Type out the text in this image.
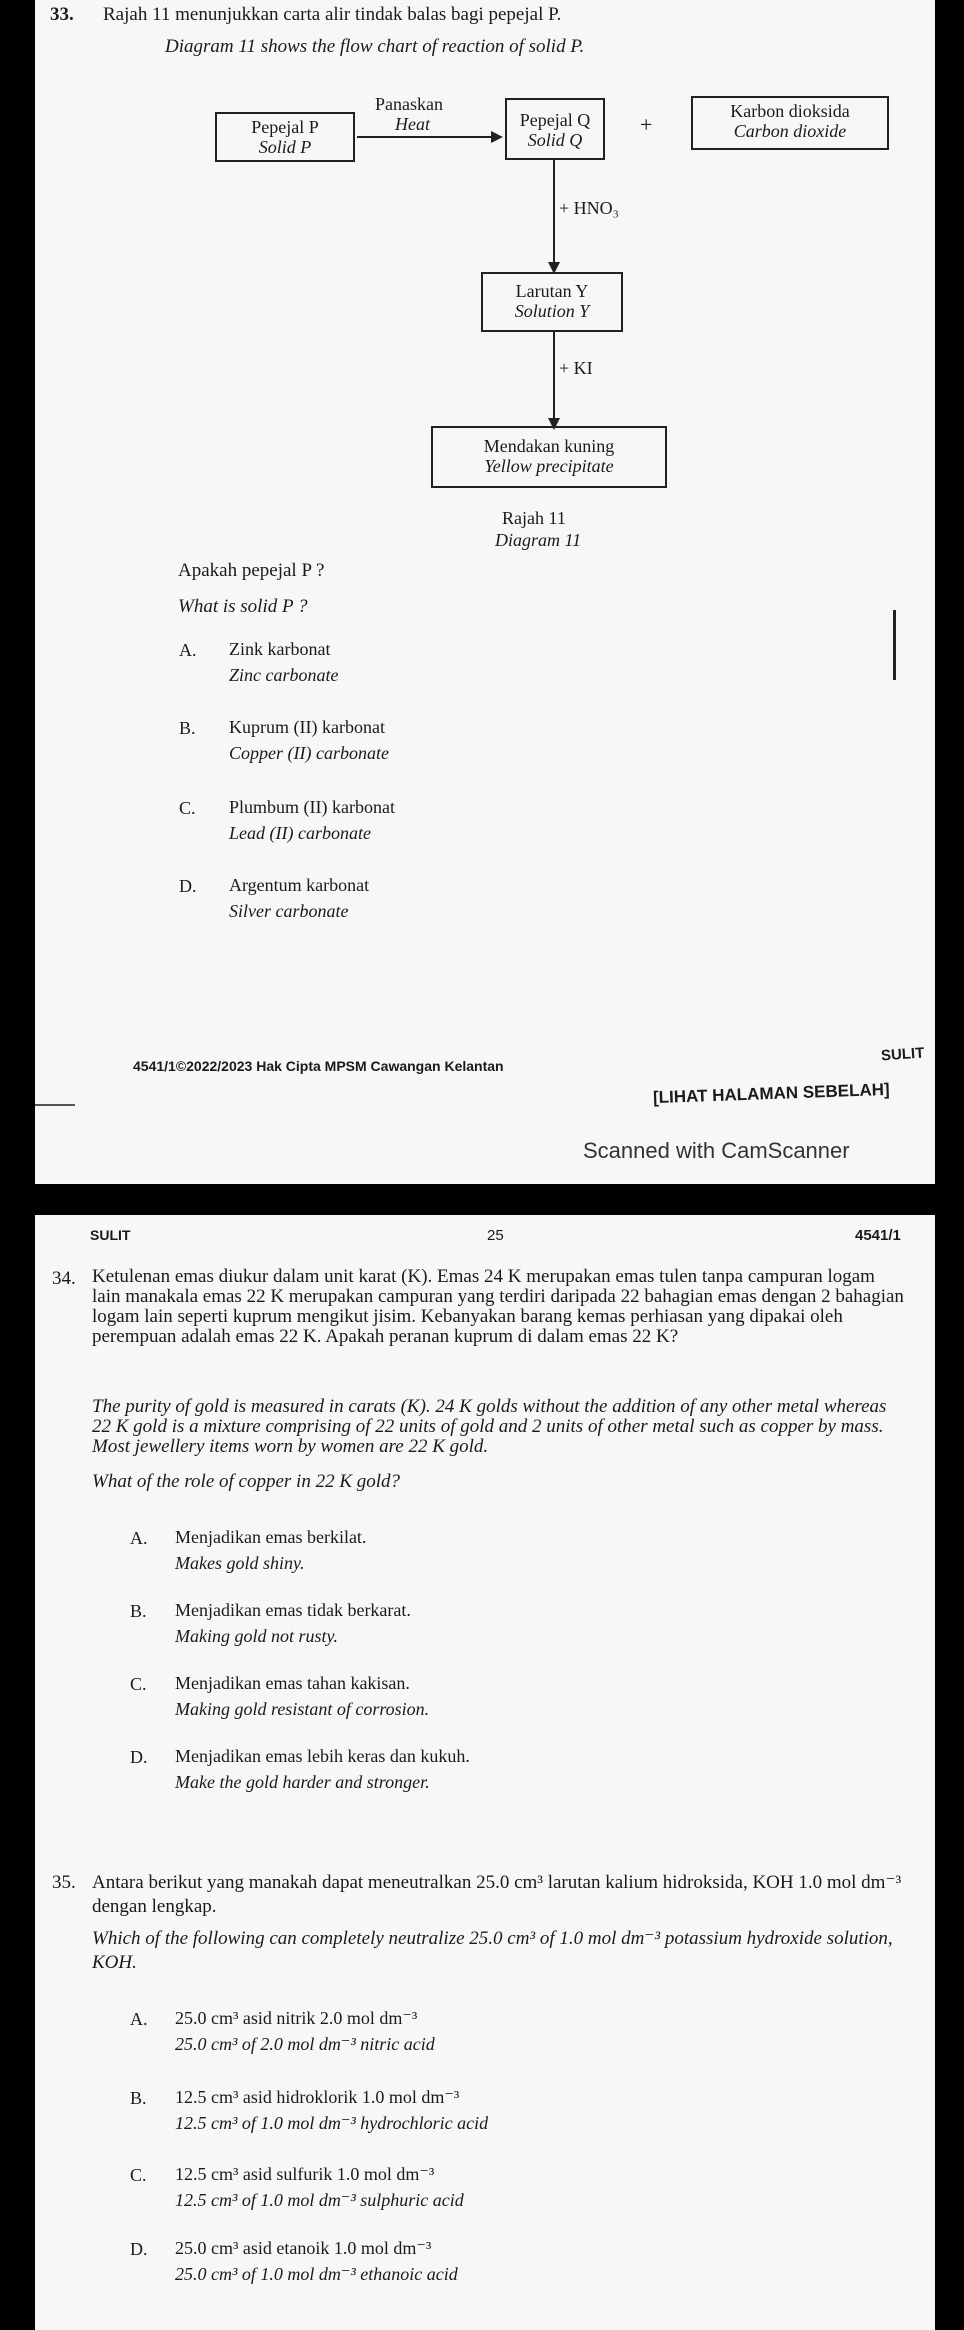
33. Rajah 11 menunjukkan carta alir tindak balas bagi pepejal P.
Diagram 11 shows the flow chart of reaction of solid P.
Pepejal P
Solid P
Panaskan
Heat	Pepejal Q
Solid Q
+
Karbon dioksida
Carbon dioxide
+ HNO₃
Larutan Y
Solution Y
+ KI
Mendakan kuning
Yellow precipitate
Rajah 11
Diagram 11
Apakah pepejal P ?
What is solid P ?
A. Zink karbonat
Zinc carbonate
B. Kuprum (II) karbonat
Copper (II) carbonate
C. Plumbum (II) karbonat
Lead (II) carbonate
D. Argentum karbonat
Silver carbonate
4541/1©2022/2023 Hak Cipta MPSM Cawangan Kelantan
SULIT
[LIHAT HALAMAN SEBELAH]
Scanned with CamScanner
SULIT	25	4541/1
34. Ketulenan emas diukur dalam unit karat (K). Emas 24 K merupakan emas tulen tanpa campuran logam lain manakala emas 22 K merupakan campuran yang terdiri daripada 22 bahagian emas dengan 2 bahagian logam lain seperti kuprum mengikut jisim. Kebanyakan barang kemas perhiasan yang dipakai oleh perempuan adalah emas 22 K. Apakah peranan kuprum di dalam emas 22 K?
The purity of gold is measured in carats (K). 24 K golds without the addition of any other metal whereas 22 K gold is a mixture comprising of 22 units of gold and 2 units of other metal such as copper by mass. Most jewellery items worn by women are 22 K gold.
What of the role of copper in 22 K gold?
A. Menjadikan emas berkilat.
Makes gold shiny.
B. Menjadikan emas tidak berkarat.
Making gold not rusty.
C. Menjadikan emas tahan kakisan.
Making gold resistant of corrosion.
D. Menjadikan emas lebih keras dan kukuh.
Make the gold harder and stronger.
35. Antara berikut yang manakah dapat meneutralkan 25.0 cm³ larutan kalium hidroksida, KOH 1.0 mol dm⁻³ dengan lengkap.
Which of the following can completely neutralize 25.0 cm³ of 1.0 mol dm⁻³ potassium hydroxide solution, KOH.
A. 25.0 cm³ asid nitrik 2.0 mol dm⁻³
25.0 cm³ of 2.0 mol dm⁻³ nitric acid
B. 12.5 cm³ asid hidroklorik 1.0 mol dm⁻³
12.5 cm³ of 1.0 mol dm⁻³ hydrochloric acid
C. 12.5 cm³ asid sulfurik 1.0 mol dm⁻³
12.5 cm³ of 1.0 mol dm⁻³ sulphuric acid
D. 25.0 cm³ asid etanoik 1.0 mol dm⁻³
25.0 cm³ of 1.0 mol dm⁻³ ethanoic acid
